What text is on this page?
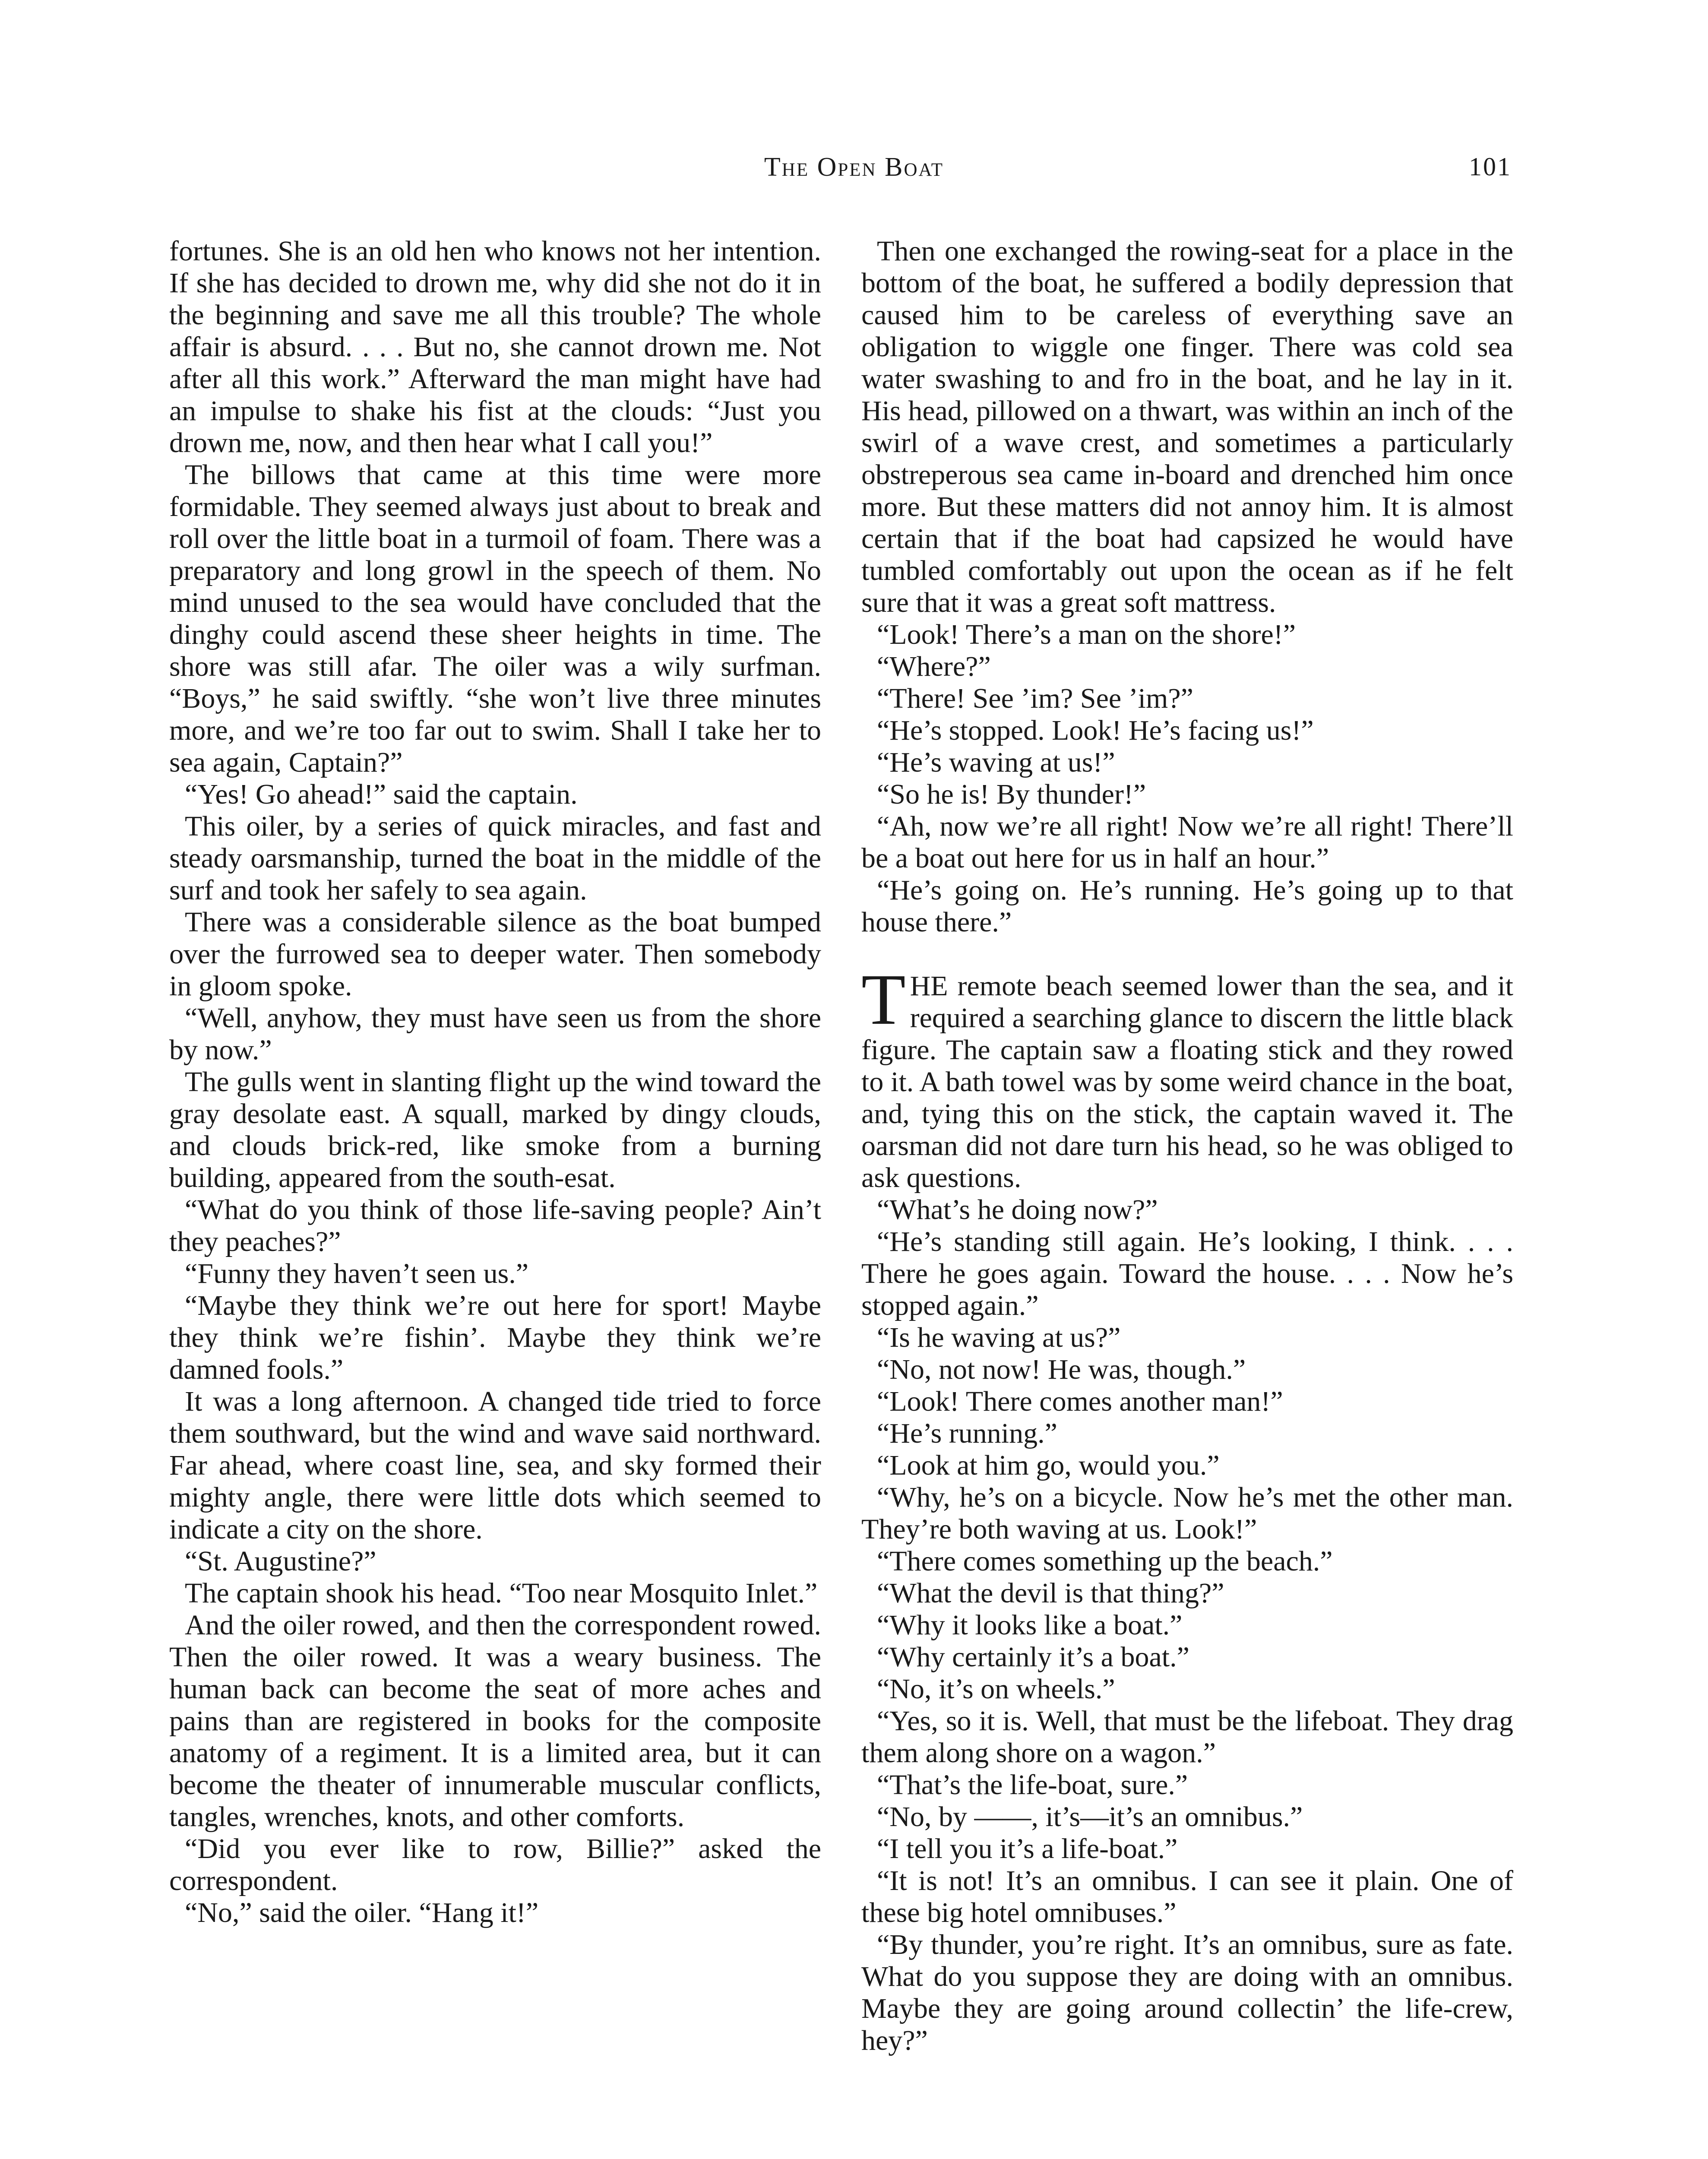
The Open Boat	101

fortunes. She is an old hen who knows not her intention. If she has decided to drown me, why did she not do it in the beginning and save me all this trouble? The whole affair is absurd. . . . But no, she cannot drown me. Not after all this work.” Afterward the man might have had an impulse to shake his fist at the clouds: “Just you drown me, now, and then hear what I call you!”

The billows that came at this time were more formidable. They seemed always just about to break and roll over the little boat in a turmoil of foam. There was a preparatory and long growl in the speech of them. No mind unused to the sea would have concluded that the dinghy could ascend these sheer heights in time. The shore was still afar. The oiler was a wily surfman. “Boys,” he said swiftly. “she won’t live three minutes more, and we’re too far out to swim. Shall I take her to sea again, Captain?”

“Yes! Go ahead!” said the captain.

This oiler, by a series of quick miracles, and fast and steady oarsmanship, turned the boat in the middle of the surf and took her safely to sea again.

There was a considerable silence as the boat bumped over the furrowed sea to deeper water. Then somebody in gloom spoke.

“Well, anyhow, they must have seen us from the shore by now.”

The gulls went in slanting flight up the wind toward the gray desolate east. A squall, marked by dingy clouds, and clouds brick-red, like smoke from a burning building, appeared from the south-esat.

“What do you think of those life-saving people? Ain’t they peaches?”

“Funny they haven’t seen us.”

“Maybe they think we’re out here for sport! Maybe they think we’re fishin’. Maybe they think we’re damned fools.”

It was a long afternoon. A changed tide tried to force them southward, but the wind and wave said northward. Far ahead, where coast line, sea, and sky formed their mighty angle, there were little dots which seemed to indicate a city on the shore.

“St. Augustine?”

The captain shook his head. “Too near Mosquito Inlet.”

And the oiler rowed, and then the correspondent rowed. Then the oiler rowed. It was a weary business. The human back can become the seat of more aches and pains than are registered in books for the composite anatomy of a regiment. It is a limited area, but it can become the theater of innumerable muscular conflicts, tangles, wrenches, knots, and other comforts.

“Did you ever like to row, Billie?” asked the correspondent.

“No,” said the oiler. “Hang it!”

Then one exchanged the rowing-seat for a place in the bottom of the boat, he suffered a bodily depression that caused him to be careless of everything save an obligation to wiggle one finger. There was cold sea water swashing to and fro in the boat, and he lay in it. His head, pillowed on a thwart, was within an inch of the swirl of a wave crest, and sometimes a particularly obstreperous sea came in-board and drenched him once more. But these matters did not annoy him. It is almost certain that if the boat had capsized he would have tumbled comfortably out upon the ocean as if he felt sure that it was a great soft mattress.

“Look! There’s a man on the shore!”

“Where?”

“There! See ’im? See ’im?”

“He’s stopped. Look! He’s facing us!”

“He’s waving at us!”

“So he is! By thunder!”

“Ah, now we’re all right! Now we’re all right! There’ll be a boat out here for us in half an hour.”

“He’s going on. He’s running. He’s going up to that house there.”

THE remote beach seemed lower than the sea, and it required a searching glance to discern the little black figure. The captain saw a floating stick and they rowed to it. A bath towel was by some weird chance in the boat, and, tying this on the stick, the captain waved it. The oarsman did not dare turn his head, so he was obliged to ask questions.

“What’s he doing now?”

“He’s standing still again. He’s looking, I think. . . . There he goes again. Toward the house. . . . Now he’s stopped again.”

“Is he waving at us?”

“No, not now! He was, though.”

“Look! There comes another man!”

“He’s running.”

“Look at him go, would you.”

“Why, he’s on a bicycle. Now he’s met the other man. They’re both waving at us. Look!”

“There comes something up the beach.”

“What the devil is that thing?”

“Why it looks like a boat.”

“Why certainly it’s a boat.”

“No, it’s on wheels.”

“Yes, so it is. Well, that must be the lifeboat. They drag them along shore on a wagon.”

“That’s the life-boat, sure.”

“No, by ——, it’s—it’s an omnibus.”

“I tell you it’s a life-boat.”

“It is not! It’s an omnibus. I can see it plain. One of these big hotel omnibuses.”

“By thunder, you’re right. It’s an omnibus, sure as fate. What do you suppose they are doing with an omnibus. Maybe they are going around collectin’ the life-crew, hey?”
